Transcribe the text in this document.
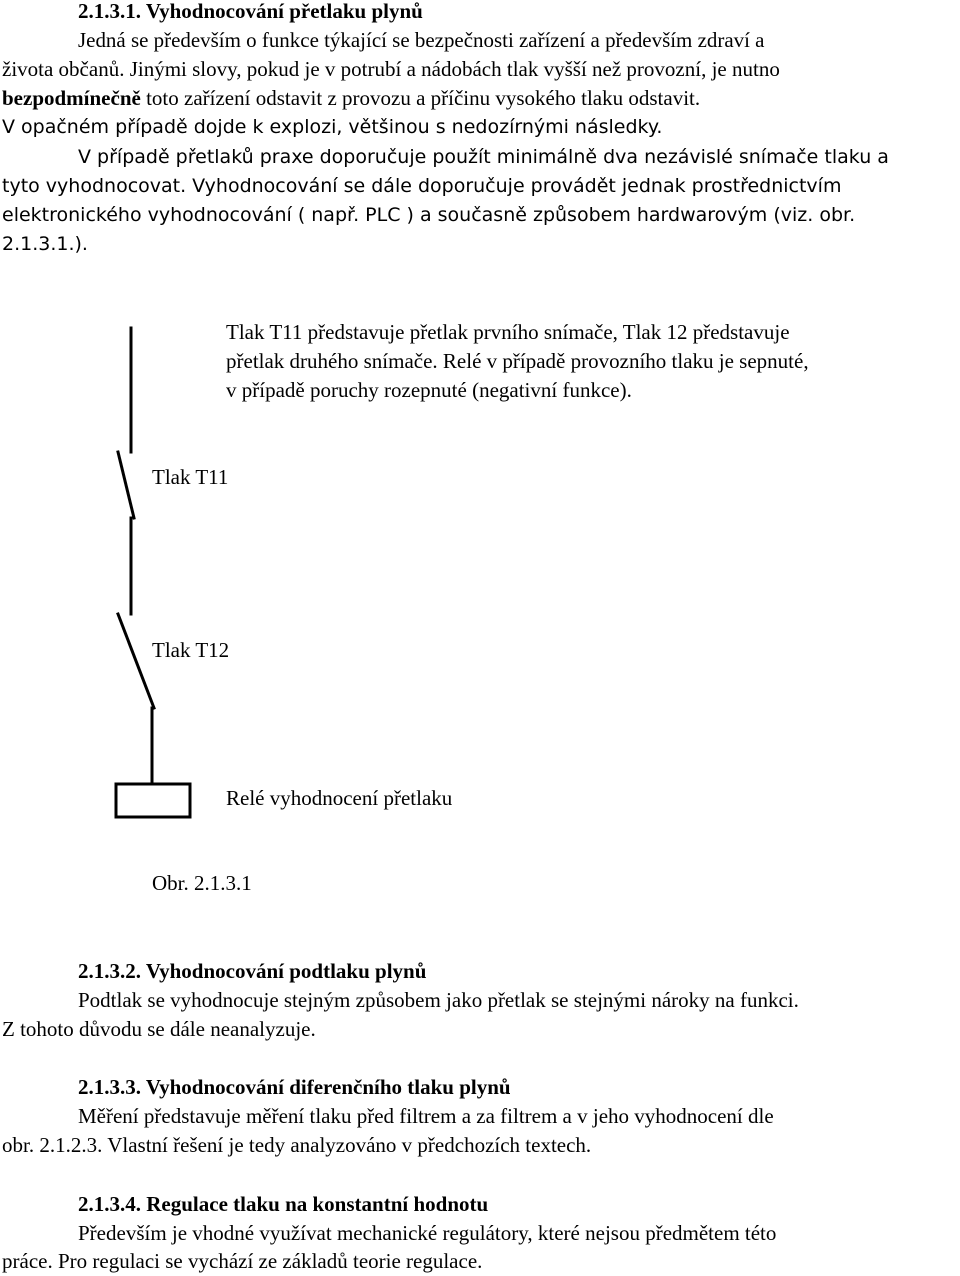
2.1.3.1. Vyhodnocování přetlaku plynů
Jedná se především o funkce týkající se bezpečnosti zařízení a především zdraví a
života občanů. Jinými slovy, pokud je v potrubí a nádobách tlak vyšší než provozní, je nutno
bezpodmínečně toto zařízení odstavit z provozu a příčinu vysokého tlaku odstavit.
V opačném případě dojde k explozi, většinou s nedozírnými následky.
V případě přetlaků praxe doporučuje použít minimálně dva nezávislé snímače tlaku a
tyto vyhodnocovat. Vyhodnocování se dále doporučuje provádět jednak prostřednictvím
elektronického vyhodnocování ( např. PLC ) a současně způsobem hardwarovým (viz. obr.
2.1.3.1.).
Tlak T11 představuje přetlak prvního snímače, Tlak 12 představuje
přetlak druhého snímače. Relé v případě provozního tlaku je sepnuté,
v případě poruchy rozepnuté (negativní funkce).
Tlak T11
Tlak T12
Relé vyhodnocení přetlaku
Obr. 2.1.3.1
2.1.3.2. Vyhodnocování podtlaku plynů
Podtlak se vyhodnocuje stejným způsobem jako přetlak se stejnými nároky na funkci.
Z tohoto důvodu se dále neanalyzuje.
2.1.3.3. Vyhodnocování diferenčního tlaku plynů
Měření představuje měření tlaku před filtrem a za filtrem a v jeho vyhodnocení dle
obr. 2.1.2.3. Vlastní řešení je tedy analyzováno v předchozích textech.
2.1.3.4. Regulace tlaku na konstantní hodnotu
Především je vhodné využívat mechanické regulátory, které nejsou předmětem této
práce. Pro regulaci se vychází ze základů teorie regulace.
